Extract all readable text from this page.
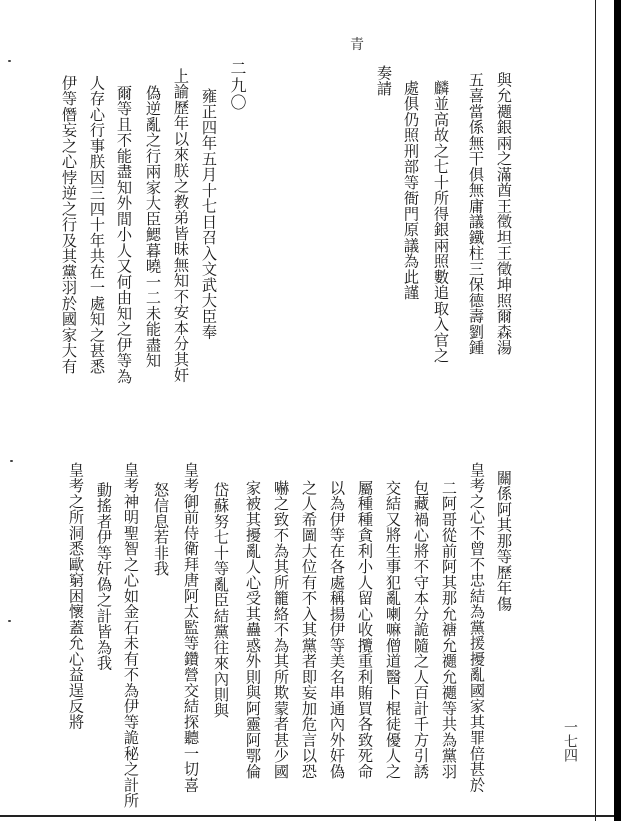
青
一七四
與允禵銀兩之滿酋王徵坦王徵坤照爾森湯
五喜當係無干俱無庸議鐵柱三保德壽劉鍾
麟並高故之七十所得銀兩照數追取入官之
處俱仍照刑部等衙門原議為此謹
奏請
二九〇
雍正四年五月十七日召入文武大臣奉
上諭歷年以來朕之教弟皆昧無知不安本分其奸
偽逆亂之行兩家大臣鰓暮曉一二未能盡知
爾等且不能盡知外間小人又何由知之伊等為
人存心行事朕因三四十年共在一處知之甚悉
伊等僭妄之心悖逆之行及其黨羽於國家大有
關係阿其那等歷年傷
皇考之心不曾不忠結為黨援擾亂國家其罪倍甚於
二阿哥從前阿其那允禟允禵允禵等共為黨羽
包藏禍心將不守本分詭隨之人百計千方引誘
交結又將生事犯亂喇嘛僧道醫卜棍徒優人之
屬種種貪利小人留心收攬重利賄買各致死命
以為伊等在各處稱揚伊等美名串通內外奸偽
之人希圖大位有不入其黨者即妄加危言以恐
嚇之致不為其所籠絡不為其所欺蒙者甚少國
家被其擾亂人心受其蠱惑外則與阿靈阿鄂倫
岱蘇努七十等亂臣結黨往來內則與
皇考御前侍衛拜唐阿太監等鑽營交結探聽一切喜
怒信息若非我
皇考神明聖智之心如金石未有不為伊等詭秘之計所
動搖者伊等奸偽之計皆為我
皇考之所洞悉歐窮困懷蓋允心益逞反將
